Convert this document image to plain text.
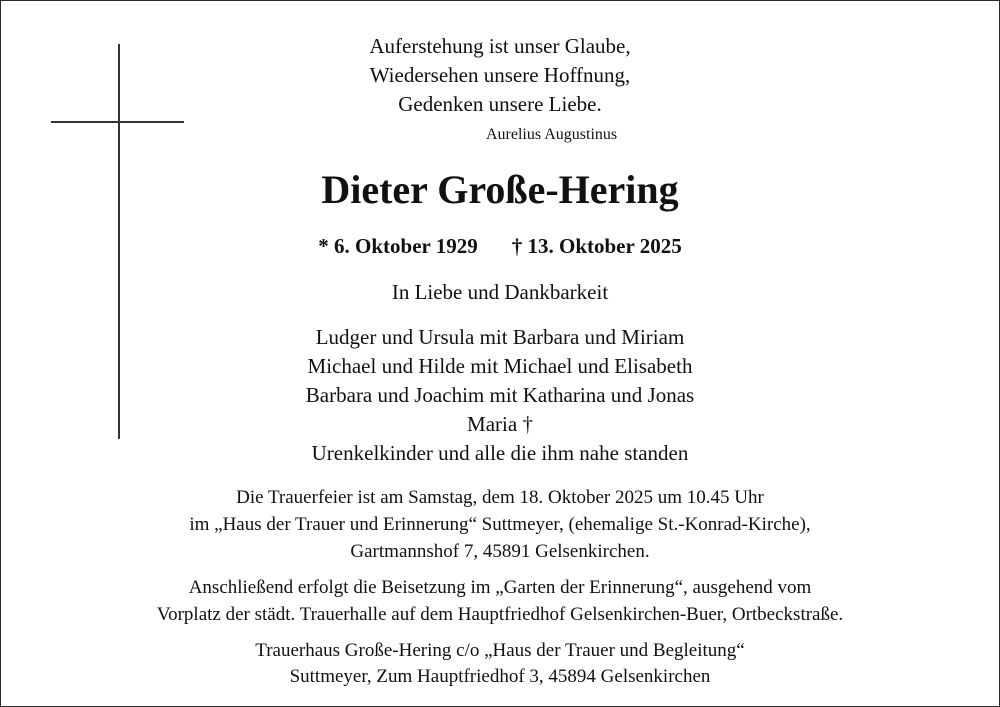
Auferstehung ist unser Glaube,
Wiedersehen unsere Hoffnung,
Gedenken unsere Liebe.
Aurelius Augustinus
Dieter Große-Hering
* 6. Oktober 1929 † 13. Oktober 2025
In Liebe und Dankbarkeit
Ludger und Ursula mit Barbara und Miriam
Michael und Hilde mit Michael und Elisabeth
Barbara und Joachim mit Katharina und Jonas
Maria †
Urenkelkinder und alle die ihm nahe standen
Die Trauerfeier ist am Samstag, dem 18. Oktober 2025 um 10.45 Uhr
im „Haus der Trauer und Erinnerung“ Suttmeyer, (ehemalige St.-Konrad-Kirche),
Gartmannshof 7, 45891 Gelsenkirchen.
Anschließend erfolgt die Beisetzung im „Garten der Erinnerung“, ausgehend vom
Vorplatz der städt. Trauerhalle auf dem Hauptfriedhof Gelsenkirchen-Buer, Ortbeckstraße.
Trauerhaus Große-Hering c/o „Haus der Trauer und Begleitung“
Suttmeyer, Zum Hauptfriedhof 3, 45894 Gelsenkirchen
